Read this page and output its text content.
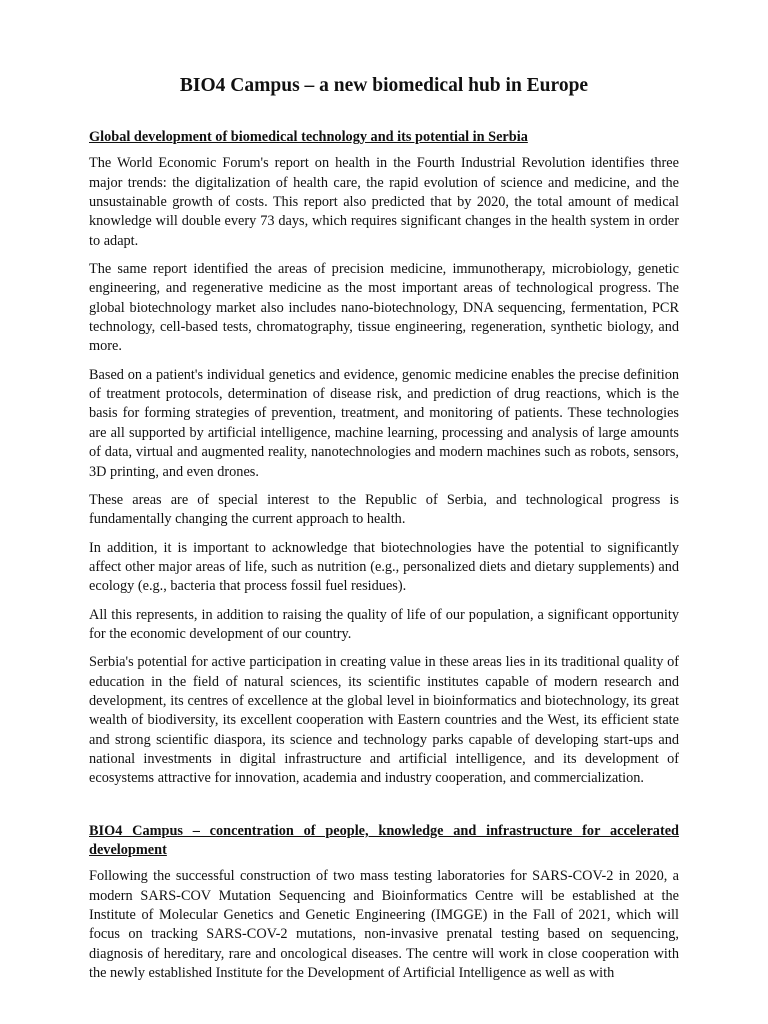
BIO4 Campus – a new biomedical hub in Europe
Global development of biomedical technology and its potential in Serbia

The World Economic Forum's report on health in the Fourth Industrial Revolution identifies three major trends: the digitalization of health care, the rapid evolution of science and medicine, and the unsustainable growth of costs. This report also predicted that by 2020, the total amount of medical knowledge will double every 73 days, which requires significant changes in the health system in order to adapt.

The same report identified the areas of precision medicine, immunotherapy, microbiology, genetic engineering, and regenerative medicine as the most important areas of technological progress. The global biotechnology market also includes nano-biotechnology, DNA sequencing, fermentation, PCR technology, cell-based tests, chromatography, tissue engineering, regeneration, synthetic biology, and more.

Based on a patient's individual genetics and evidence, genomic medicine enables the precise definition of treatment protocols, determination of disease risk, and prediction of drug reactions, which is the basis for forming strategies of prevention, treatment, and monitoring of patients. These technologies are all supported by artificial intelligence, machine learning, processing and analysis of large amounts of data, virtual and augmented reality, nanotechnologies and modern machines such as robots, sensors, 3D printing, and even drones.

These areas are of special interest to the Republic of Serbia, and technological progress is fundamentally changing the current approach to health.

In addition, it is important to acknowledge that biotechnologies have the potential to significantly affect other major areas of life, such as nutrition (e.g., personalized diets and dietary supplements) and ecology (e.g., bacteria that process fossil fuel residues).

All this represents, in addition to raising the quality of life of our population, a significant opportunity for the economic development of our country.

Serbia's potential for active participation in creating value in these areas lies in its traditional quality of education in the field of natural sciences, its scientific institutes capable of modern research and development, its centres of excellence at the global level in bioinformatics and biotechnology, its great wealth of biodiversity, its excellent cooperation with Eastern countries and the West, its efficient state and strong scientific diaspora, its science and technology parks capable of developing start-ups and national investments in digital infrastructure and artificial intelligence, and its development of ecosystems attractive for innovation, academia and industry cooperation, and commercialization.

BIO4 Campus – concentration of people, knowledge and infrastructure for accelerated development

Following the successful construction of two mass testing laboratories for SARS-COV-2 in 2020, a modern SARS-COV Mutation Sequencing and Bioinformatics Centre will be established at the Institute of Molecular Genetics and Genetic Engineering (IMGGE) in the Fall of 2021, which will focus on tracking SARS-COV-2 mutations, non-invasive prenatal testing based on sequencing, diagnosis of hereditary, rare and oncological diseases. The centre will work in close cooperation with the newly established Institute for the Development of Artificial Intelligence as well as with
